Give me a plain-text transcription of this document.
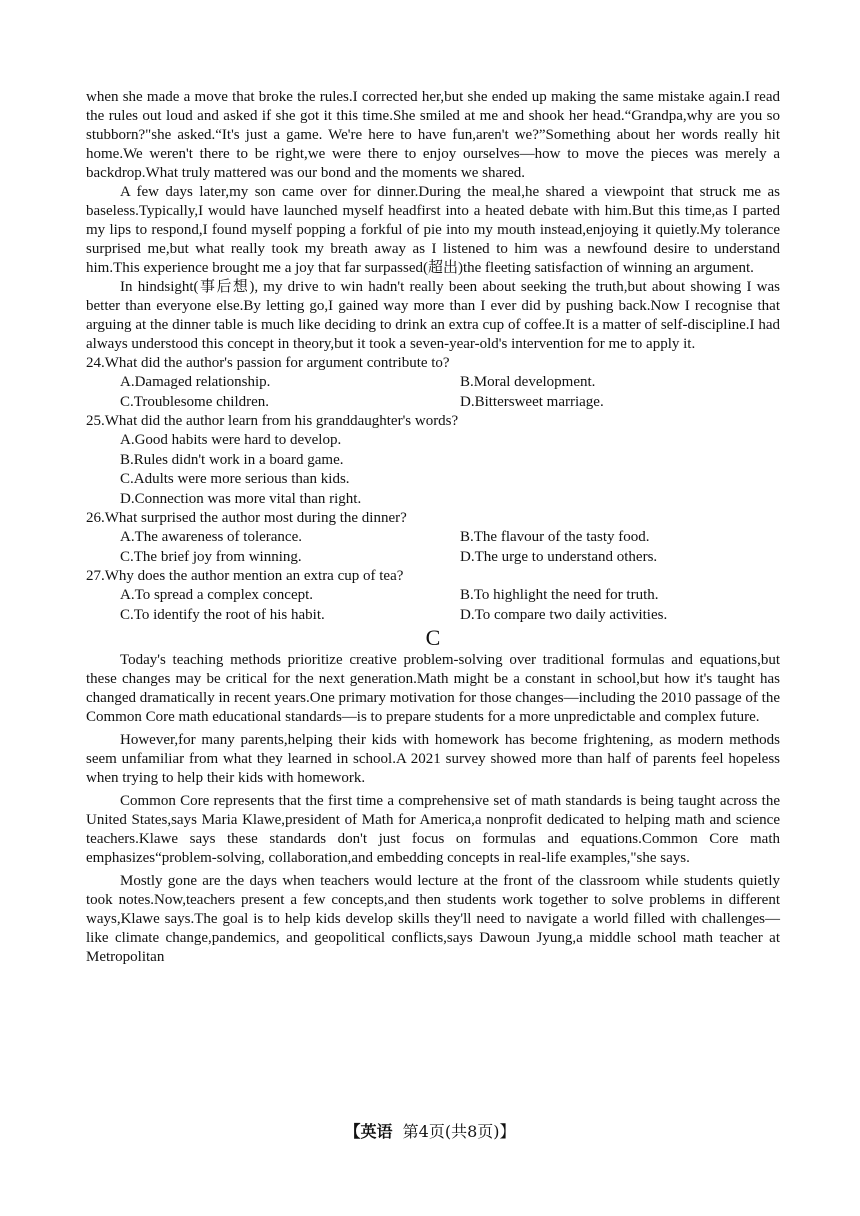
when she made a move that broke the rules.I corrected her,but she ended up making the same mistake again.I read the rules out loud and asked if she got it this time.She smiled at me and shook her head.“Grandpa,why are you so stubborn?"she asked.“It's just a game. We're here to have fun,aren't we?”Something about her words really hit home.We weren't there to be right,we were there to enjoy ourselves—how to move the pieces was merely a backdrop.What truly mattered was our bond and the moments we shared.

A few days later,my son came over for dinner.During the meal,he shared a viewpoint that struck me as baseless.Typically,I would have launched myself headfirst into a heated debate with him.But this time,as I parted my lips to respond,I found myself popping a forkful of pie into my mouth instead,enjoying it quietly.My tolerance surprised me,but what really took my breath away as I listened to him was a newfound desire to understand him.This experience brought me a joy that far surpassed(超出)the fleeting satisfaction of winning an argument.

In hindsight(事后想), my drive to win hadn't really been about seeking the truth,but about showing I was better than everyone else.By letting go,I gained way more than I ever did by pushing back.Now I recognise that arguing at the dinner table is much like deciding to drink an extra cup of coffee.It is a matter of self-discipline.I had always understood this concept in theory,but it took a seven-year-old's intervention for me to apply it.

24.What did the author's passion for argument contribute to?
A.Damaged relationship.	B.Moral development.
C.Troublesome children.	D.Bittersweet marriage.
25.What did the author learn from his granddaughter's words?
A.Good habits were hard to develop.
B.Rules didn't work in a board game.
C.Adults were more serious than kids.
D.Connection was more vital than right.
26.What surprised the author most during the dinner?
A.The awareness of tolerance.	B.The flavour of the tasty food.
C.The brief joy from winning.	D.The urge to understand others.
27.Why does the author mention an extra cup of tea?
A.To spread a complex concept.	B.To highlight the need for truth.
C.To identify the root of his habit.	D.To compare two daily activities.
C

Today's teaching methods prioritize creative problem-solving over traditional formulas and equations,but these changes may be critical for the next generation.Math might be a constant in school,but how it's taught has changed dramatically in recent years.One primary motivation for those changes—including the 2010 passage of the Common Core math educational standards—is to prepare students for a more unpredictable and complex future.

However,for many parents,helping their kids with homework has become frightening, as modern methods seem unfamiliar from what they learned in school.A 2021 survey showed more than half of parents feel hopeless when trying to help their kids with homework.

Common Core represents that the first time a comprehensive set of math standards is being taught across the United States,says Maria Klawe,president of Math for America,a nonprofit dedicated to helping math and science teachers.Klawe says these standards don't just focus on formulas and equations.Common Core math emphasizes“problem-solving, collaboration,and embedding concepts in real-life examples,"she says.

Mostly gone are the days when teachers would lecture at the front of the classroom while students quietly took notes.Now,teachers present a few concepts,and then students work together to solve problems in different ways,Klawe says.The goal is to help kids develop skills they'll need to navigate a world filled with challenges—like climate change,pandemics, and geopolitical conflicts,says Dawoun Jyung,a middle school math teacher at Metropolitan

【英语 第4页(共8页)】
